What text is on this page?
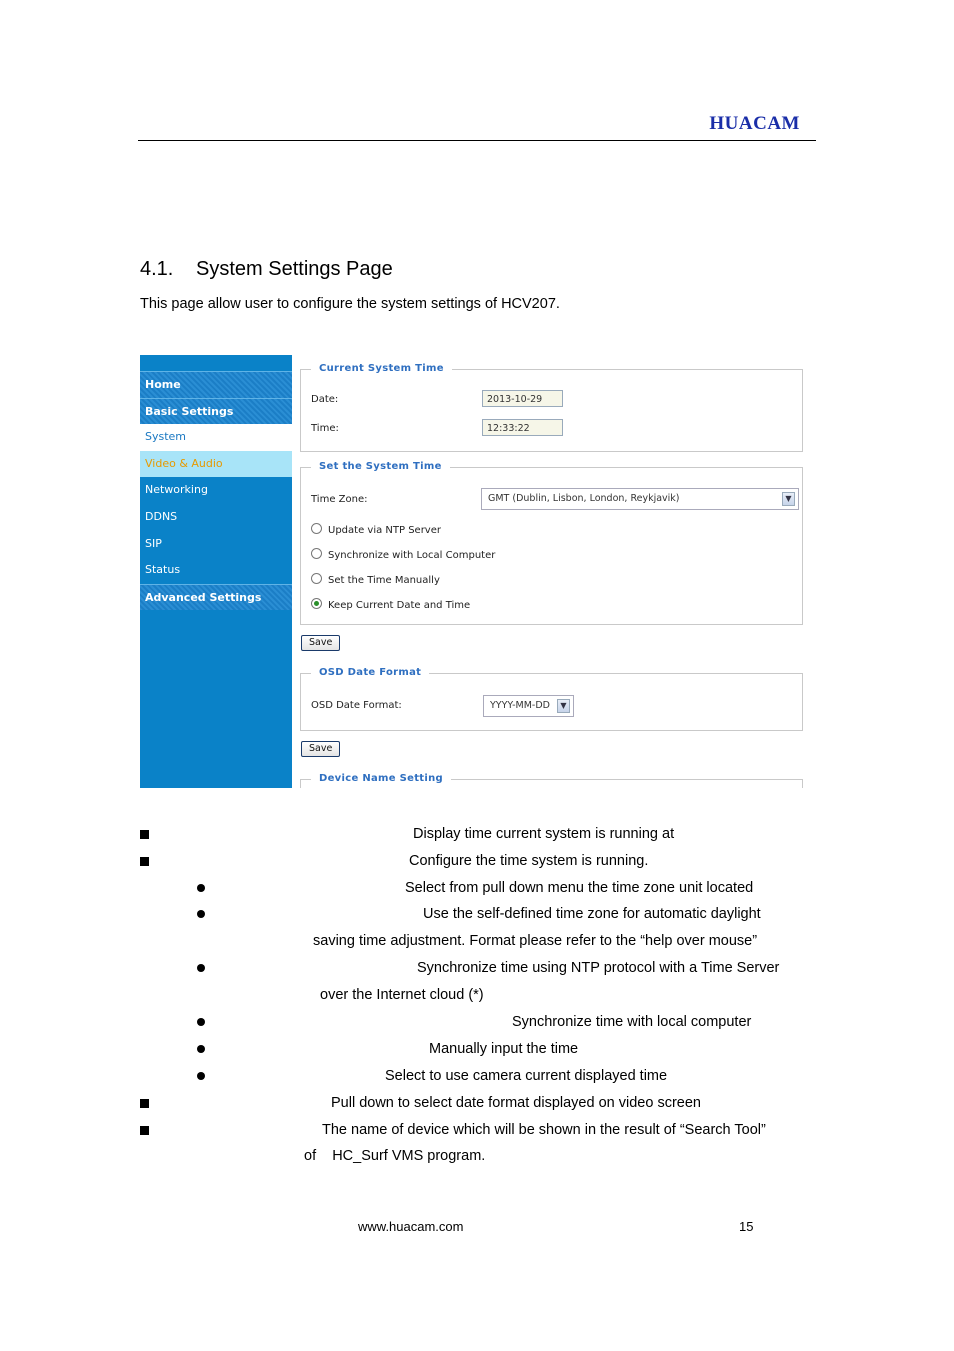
HUACAM
4.1. System Settings Page
This page allow user to configure the system settings of HCV207.
Home
Basic Settings
System
Video & Audio
Networking
DDNS
SIP
Status
Advanced Settings
Current System Time
Date:	2013-10-29
Time:	12:33:22
Set the System Time
Time Zone:	GMT (Dublin, Lisbon, London, Reykjavik)	▼
Update via NTP Server
Synchronize with Local Computer
Set the Time Manually
Keep Current Date and Time
Save
OSD Date Format
OSD Date Format:	YYYY-MM-DD	▼
Save
Device Name Setting
Display time current system is running at
Configure the time system is running.
Select from pull down menu the time zone unit located
Use the self-defined time zone for automatic daylight
saving time adjustment. Format please refer to the “help over mouse”
Synchronize time using NTP protocol with a Time Server
over the Internet cloud (*)
Synchronize time with local computer
Manually input the time
Select to use camera current displayed time
Pull down to select date format displayed on video screen
The name of device which will be shown in the result of “Search Tool”
of    HC_Surf VMS program.
www.huacam.com	15
